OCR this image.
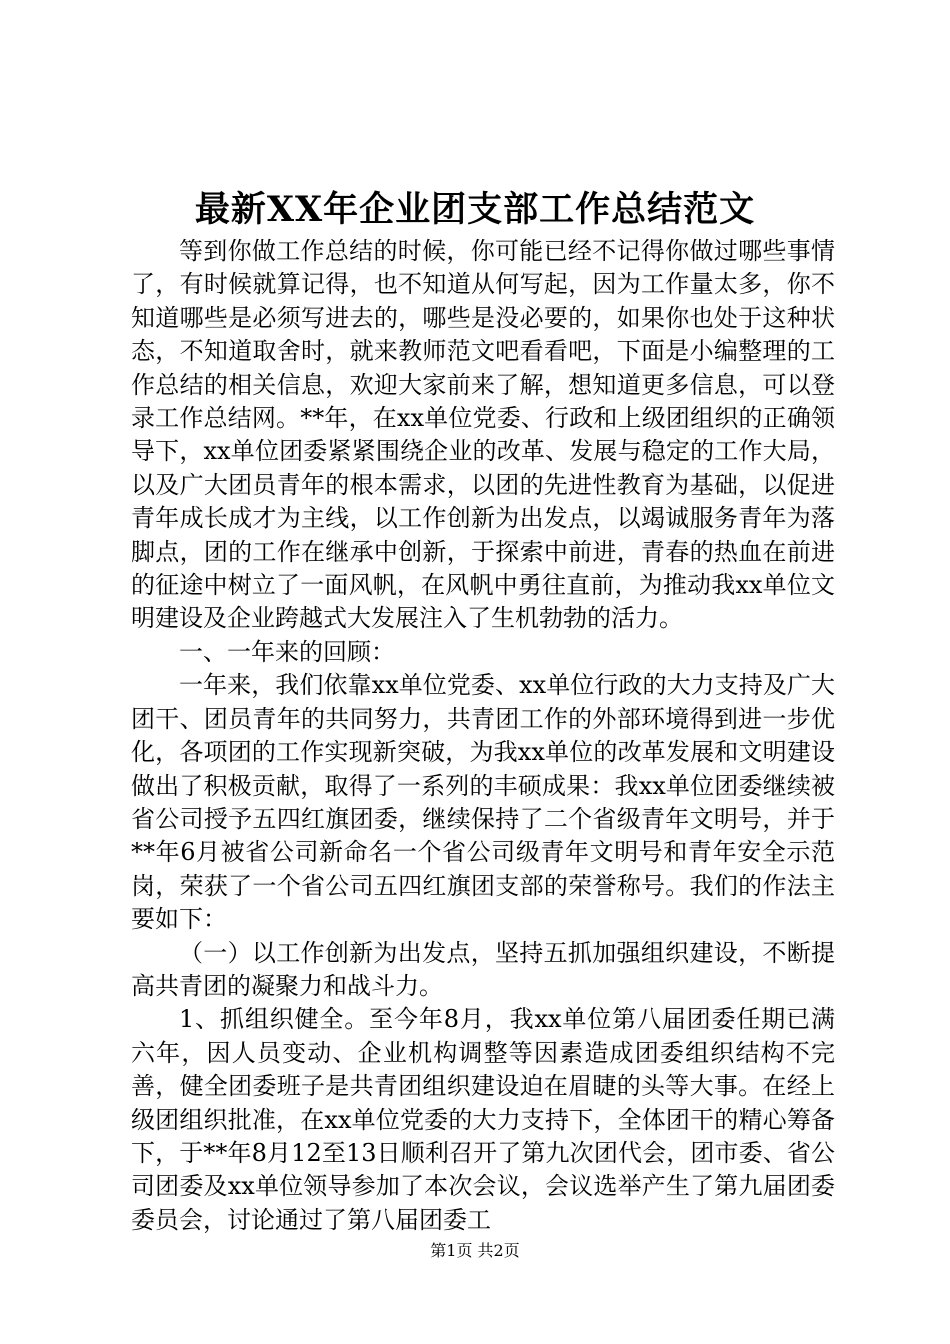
最新XX年企业团支部工作总结范文

等到你做工作总结的时候，你可能已经不记得你做过哪些事情了，有时候就算记得，也不知道从何写起，因为工作量太多，你不知道哪些是必须写进去的，哪些是没必要的，如果你也处于这种状态，不知道取舍时，就来教师范文吧看看吧，下面是小编整理的工作总结的相关信息，欢迎大家前来了解，想知道更多信息，可以登录工作总结网。**年，在xx单位党委、行政和上级团组织的正确领导下，xx单位团委紧紧围绕企业的改革、发展与稳定的工作大局，以及广大团员青年的根本需求，以团的先进性教育为基础，以促进青年成长成才为主线，以工作创新为出发点，以竭诚服务青年为落脚点，团的工作在继承中创新，于探索中前进，青春的热血在前进的征途中树立了一面风帆，在风帆中勇往直前，为推动我xx单位文明建设及企业跨越式大发展注入了生机勃勃的活力。

一、一年来的回顾：

一年来，我们依靠xx单位党委、xx单位行政的大力支持及广大团干、团员青年的共同努力，共青团工作的外部环境得到进一步优化，各项团的工作实现新突破，为我xx单位的改革发展和文明建设做出了积极贡献，取得了一系列的丰硕成果：我xx单位团委继续被省公司授予五四红旗团委，继续保持了二个省级青年文明号，并于**年6月被省公司新命名一个省公司级青年文明号和青年安全示范岗，荣获了一个省公司五四红旗团支部的荣誉称号。我们的作法主要如下：

（一）以工作创新为出发点，坚持五抓加强组织建设，不断提高共青团的凝聚力和战斗力。

1、抓组织健全。至今年8月，我xx单位第八届团委任期已满六年，因人员变动、企业机构调整等因素造成团委组织结构不完善，健全团委班子是共青团组织建设迫在眉睫的头等大事。在经上级团组织批准，在xx单位党委的大力支持下，全体团干的精心筹备下，于**年8月12至13日顺利召开了第九次团代会，团市委、省公司团委及xx单位领导参加了本次会议，会议选举产生了第九届团委委员会，讨论通过了第八届团委工

第1页 共2页
